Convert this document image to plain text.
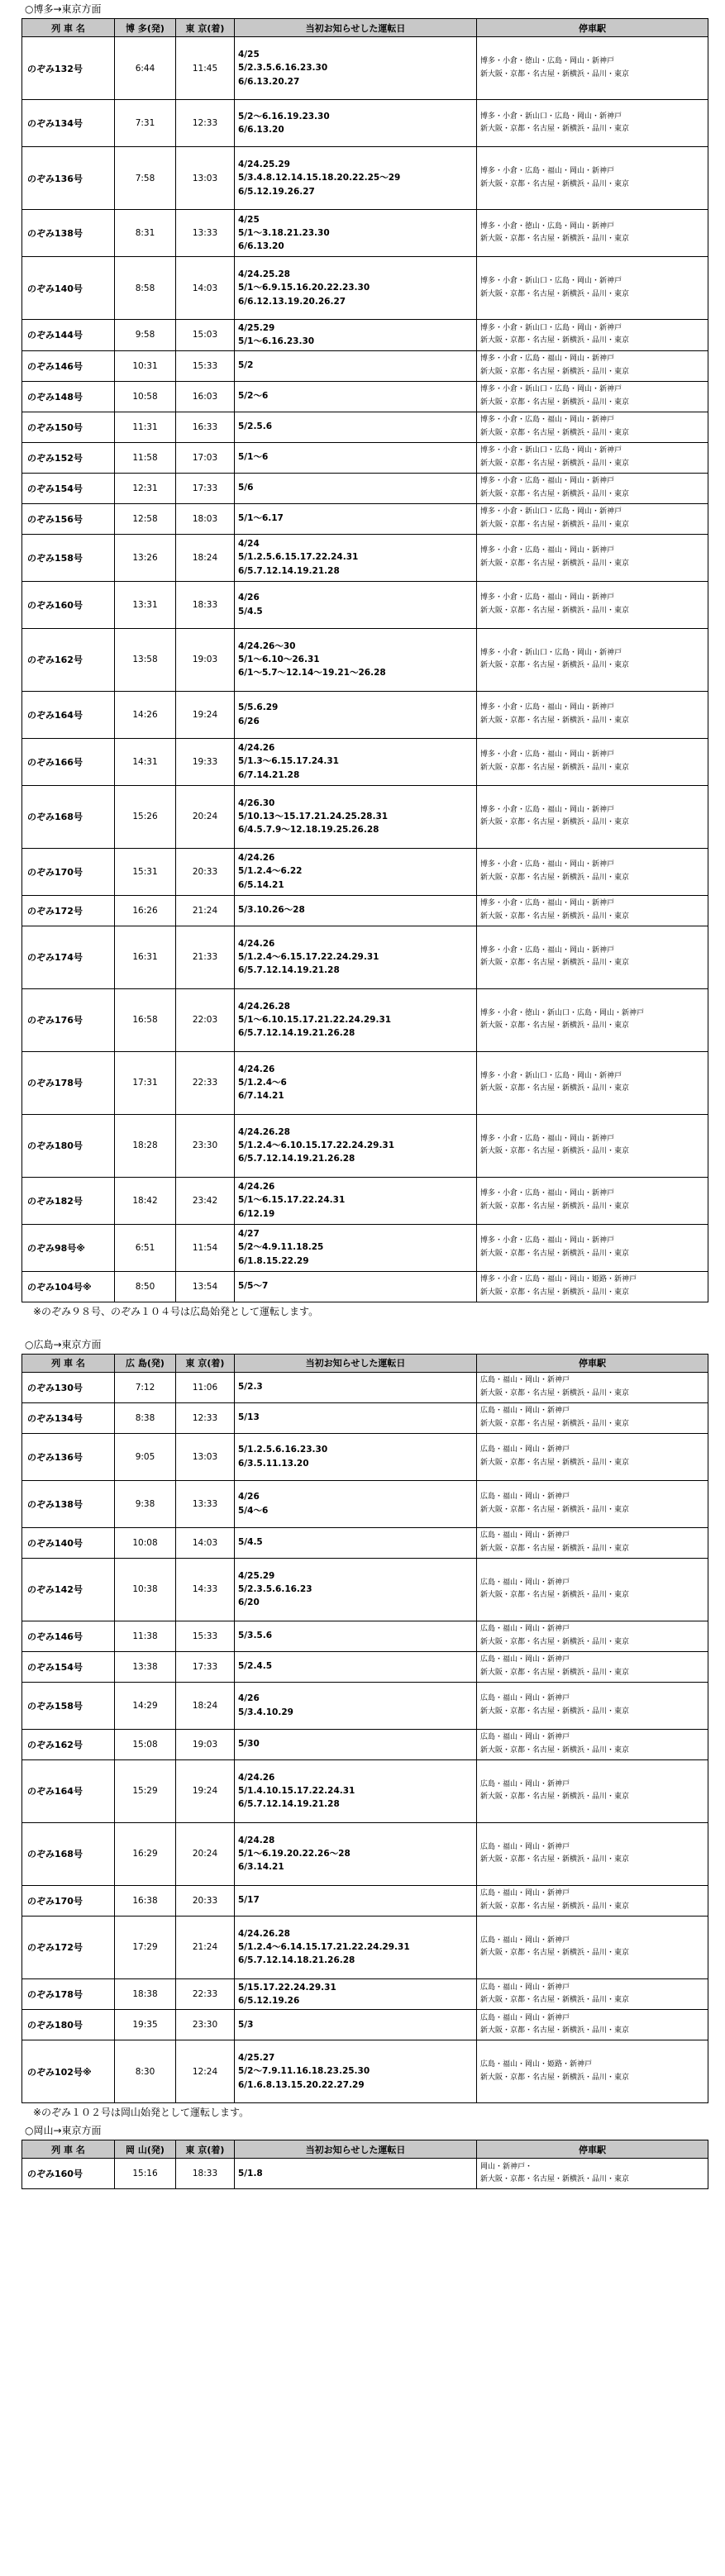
○博多→東京方面
列 車 名	博 多(発)	東 京(着)	当初お知らせした運転日	停車駅
のぞみ132号	6:44	11:45	4/25
5/2.3.5.6.16.23.30
6/6.13.20.27	博多・小倉・徳山・広島・岡山・新神戸
新大阪・京都・名古屋・新横浜・品川・東京

のぞみ134号	7:31	12:33	5/2～6.16.19.23.30
6/6.13.20	博多・小倉・新山口・広島・岡山・新神戸
新大阪・京都・名古屋・新横浜・品川・東京

のぞみ136号	7:58	13:03	4/24.25.29
5/3.4.8.12.14.15.18.20.22.25～29
6/5.12.19.26.27	博多・小倉・広島・福山・岡山・新神戸
新大阪・京都・名古屋・新横浜・品川・東京

のぞみ138号	8:31	13:33	4/25
5/1～3.18.21.23.30
6/6.13.20	博多・小倉・徳山・広島・岡山・新神戸
新大阪・京都・名古屋・新横浜・品川・東京

のぞみ140号	8:58	14:03	4/24.25.28
5/1～6.9.15.16.20.22.23.30
6/6.12.13.19.20.26.27	博多・小倉・新山口・広島・岡山・新神戸
新大阪・京都・名古屋・新横浜・品川・東京

のぞみ144号	9:58	15:03	4/25.29
5/1～6.16.23.30	博多・小倉・新山口・広島・岡山・新神戸
新大阪・京都・名古屋・新横浜・品川・東京

のぞみ146号	10:31	15:33	5/2	博多・小倉・広島・福山・岡山・新神戸
新大阪・京都・名古屋・新横浜・品川・東京

のぞみ148号	10:58	16:03	5/2～6	博多・小倉・新山口・広島・岡山・新神戸
新大阪・京都・名古屋・新横浜・品川・東京

のぞみ150号	11:31	16:33	5/2.5.6	博多・小倉・広島・福山・岡山・新神戸
新大阪・京都・名古屋・新横浜・品川・東京

のぞみ152号	11:58	17:03	5/1～6	博多・小倉・新山口・広島・岡山・新神戸
新大阪・京都・名古屋・新横浜・品川・東京

のぞみ154号	12:31	17:33	5/6	博多・小倉・広島・福山・岡山・新神戸
新大阪・京都・名古屋・新横浜・品川・東京

のぞみ156号	12:58	18:03	5/1～6.17	博多・小倉・新山口・広島・岡山・新神戸
新大阪・京都・名古屋・新横浜・品川・東京

のぞみ158号	13:26	18:24	4/24
5/1.2.5.6.15.17.22.24.31
6/5.7.12.14.19.21.28	博多・小倉・広島・福山・岡山・新神戸
新大阪・京都・名古屋・新横浜・品川・東京

のぞみ160号	13:31	18:33	4/26
5/4.5	博多・小倉・広島・福山・岡山・新神戸
新大阪・京都・名古屋・新横浜・品川・東京

のぞみ162号	13:58	19:03	4/24.26～30
5/1～6.10～26.31
6/1～5.7～12.14～19.21～26.28	博多・小倉・新山口・広島・岡山・新神戸
新大阪・京都・名古屋・新横浜・品川・東京

のぞみ164号	14:26	19:24	5/5.6.29
6/26	博多・小倉・広島・福山・岡山・新神戸
新大阪・京都・名古屋・新横浜・品川・東京

のぞみ166号	14:31	19:33	4/24.26
5/1.3～6.15.17.24.31
6/7.14.21.28	博多・小倉・広島・福山・岡山・新神戸
新大阪・京都・名古屋・新横浜・品川・東京

のぞみ168号	15:26	20:24	4/26.30
5/10.13～15.17.21.24.25.28.31
6/4.5.7.9～12.18.19.25.26.28	博多・小倉・広島・福山・岡山・新神戸
新大阪・京都・名古屋・新横浜・品川・東京

のぞみ170号	15:31	20:33	4/24.26
5/1.2.4～6.22
6/5.14.21	博多・小倉・広島・福山・岡山・新神戸
新大阪・京都・名古屋・新横浜・品川・東京

のぞみ172号	16:26	21:24	5/3.10.26～28	博多・小倉・広島・福山・岡山・新神戸
新大阪・京都・名古屋・新横浜・品川・東京

のぞみ174号	16:31	21:33	4/24.26
5/1.2.4～6.15.17.22.24.29.31
6/5.7.12.14.19.21.28	博多・小倉・広島・福山・岡山・新神戸
新大阪・京都・名古屋・新横浜・品川・東京

のぞみ176号	16:58	22:03	4/24.26.28
5/1～6.10.15.17.21.22.24.29.31
6/5.7.12.14.19.21.26.28	博多・小倉・徳山・新山口・広島・岡山・新神戸
新大阪・京都・名古屋・新横浜・品川・東京

のぞみ178号	17:31	22:33	4/24.26
5/1.2.4～6
6/7.14.21	博多・小倉・新山口・広島・岡山・新神戸
新大阪・京都・名古屋・新横浜・品川・東京

のぞみ180号	18:28	23:30	4/24.26.28
5/1.2.4～6.10.15.17.22.24.29.31
6/5.7.12.14.19.21.26.28	博多・小倉・広島・福山・岡山・新神戸
新大阪・京都・名古屋・新横浜・品川・東京

のぞみ182号	18:42	23:42	4/24.26
5/1～6.15.17.22.24.31
6/12.19	博多・小倉・広島・福山・岡山・新神戸
新大阪・京都・名古屋・新横浜・品川・東京

のぞみ98号※	6:51	11:54	4/27
5/2～4.9.11.18.25
6/1.8.15.22.29	博多・小倉・広島・福山・岡山・新神戸
新大阪・京都・名古屋・新横浜・品川・東京

のぞみ104号※	8:50	13:54	5/5～7	博多・小倉・広島・福山・岡山・姫路・新神戸
新大阪・京都・名古屋・新横浜・品川・東京
※のぞみ９８号、のぞみ１０４号は広島始発として運転します。
○広島→東京方面
列 車 名	広 島(発)	東 京(着)	当初お知らせした運転日	停車駅
のぞみ130号	7:12	11:06	5/2.3	広島・福山・岡山・新神戸
新大阪・京都・名古屋・新横浜・品川・東京

のぞみ134号	8:38	12:33	5/13	広島・福山・岡山・新神戸
新大阪・京都・名古屋・新横浜・品川・東京

のぞみ136号	9:05	13:03	5/1.2.5.6.16.23.30
6/3.5.11.13.20	広島・福山・岡山・新神戸
新大阪・京都・名古屋・新横浜・品川・東京

のぞみ138号	9:38	13:33	4/26
5/4～6	広島・福山・岡山・新神戸
新大阪・京都・名古屋・新横浜・品川・東京

のぞみ140号	10:08	14:03	5/4.5	広島・福山・岡山・新神戸
新大阪・京都・名古屋・新横浜・品川・東京

のぞみ142号	10:38	14:33	4/25.29
5/2.3.5.6.16.23
6/20	広島・福山・岡山・新神戸
新大阪・京都・名古屋・新横浜・品川・東京

のぞみ146号	11:38	15:33	5/3.5.6	広島・福山・岡山・新神戸
新大阪・京都・名古屋・新横浜・品川・東京

のぞみ154号	13:38	17:33	5/2.4.5	広島・福山・岡山・新神戸
新大阪・京都・名古屋・新横浜・品川・東京

のぞみ158号	14:29	18:24	4/26
5/3.4.10.29	広島・福山・岡山・新神戸
新大阪・京都・名古屋・新横浜・品川・東京

のぞみ162号	15:08	19:03	5/30	広島・福山・岡山・新神戸
新大阪・京都・名古屋・新横浜・品川・東京

のぞみ164号	15:29	19:24	4/24.26
5/1.4.10.15.17.22.24.31
6/5.7.12.14.19.21.28	広島・福山・岡山・新神戸
新大阪・京都・名古屋・新横浜・品川・東京

のぞみ168号	16:29	20:24	4/24.28
5/1～6.19.20.22.26～28
6/3.14.21	広島・福山・岡山・新神戸
新大阪・京都・名古屋・新横浜・品川・東京

のぞみ170号	16:38	20:33	5/17	広島・福山・岡山・新神戸
新大阪・京都・名古屋・新横浜・品川・東京

のぞみ172号	17:29	21:24	4/24.26.28
5/1.2.4～6.14.15.17.21.22.24.29.31
6/5.7.12.14.18.21.26.28	広島・福山・岡山・新神戸
新大阪・京都・名古屋・新横浜・品川・東京

のぞみ178号	18:38	22:33	5/15.17.22.24.29.31
6/5.12.19.26	広島・福山・岡山・新神戸
新大阪・京都・名古屋・新横浜・品川・東京

のぞみ180号	19:35	23:30	5/3	広島・福山・岡山・新神戸
新大阪・京都・名古屋・新横浜・品川・東京

のぞみ102号※	8:30	12:24	4/25.27
5/2～7.9.11.16.18.23.25.30
6/1.6.8.13.15.20.22.27.29	広島・福山・岡山・姫路・新神戸
新大阪・京都・名古屋・新横浜・品川・東京
※のぞみ１０２号は岡山始発として運転します。
○岡山→東京方面
列 車 名	岡 山(発)	東 京(着)	当初お知らせした運転日	停車駅
のぞみ160号	15:16	18:33	5/1.8	岡山・新神戸・
新大阪・京都・名古屋・新横浜・品川・東京
